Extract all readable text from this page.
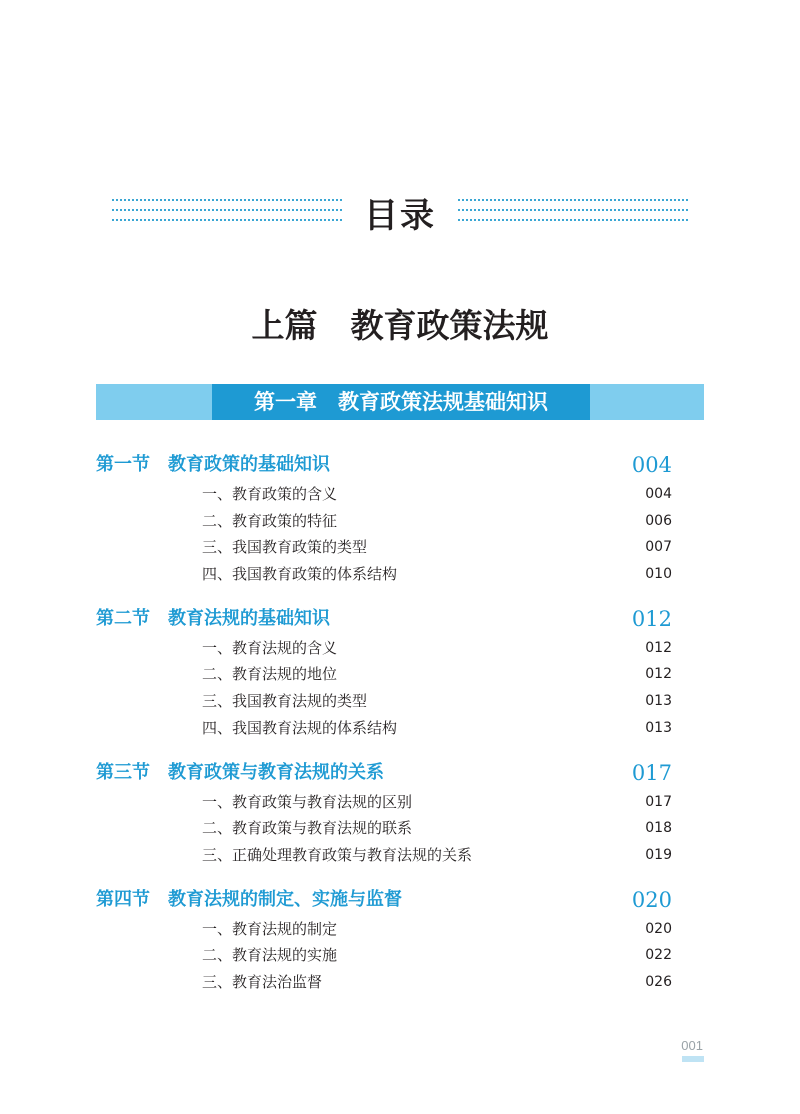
目录
上篇　教育政策法规
第一章　教育政策法规基础知识
第一节　教育政策的基础知识	004
一、教育政策的含义	004
二、教育政策的特征	006
三、我国教育政策的类型	007
四、我国教育政策的体系结构	010
第二节　教育法规的基础知识	012
一、教育法规的含义	012
二、教育法规的地位	012
三、我国教育法规的类型	013
四、我国教育法规的体系结构	013
第三节　教育政策与教育法规的关系	017
一、教育政策与教育法规的区别	017
二、教育政策与教育法规的联系	018
三、正确处理教育政策与教育法规的关系	019
第四节　教育法规的制定、实施与监督	020
一、教育法规的制定	020
二、教育法规的实施	022
三、教育法治监督	026
001
